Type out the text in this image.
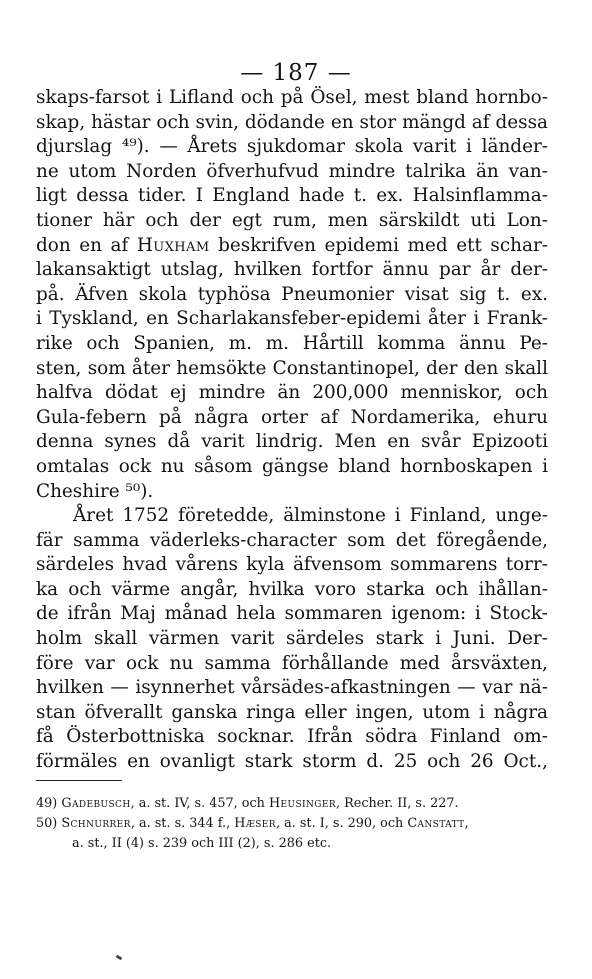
— 187 —
skaps-farsot i Lifland och på Ösel, mest bland hornbo-
skap, hästar och svin, dödande en stor mängd af dessa
djurslag ⁴⁹). — Årets sjukdomar skola varit i länder-
ne utom Norden öfverhufvud mindre talrika än van-
ligt dessa tider. I England hade t. ex. Halsinflamma-
tioner här och der egt rum, men särskildt uti Lon-
don en af Huxham beskrifven epidemi med ett schar-
lakansaktigt utslag, hvilken fortfor ännu par år der-
på. Äfven skola typhösa Pneumonier visat sig t. ex.
i Tyskland, en Scharlakansfeber-epidemi åter i Frank-
rike och Spanien, m. m. Hårtill komma ännu Pe-
sten, som åter hemsökte Constantinopel, der den skall
halfva dödat ej mindre än 200,000 menniskor, och
Gula-febern på några orter af Nordamerika, ehuru
denna synes då varit lindrig. Men en svår Epizooti
omtalas ock nu såsom gängse bland hornboskapen i
Cheshire ⁵⁰).
Året 1752 företedde, älminstone i Finland, unge-
fär samma väderleks-character som det föregående,
särdeles hvad vårens kyla äfvensom sommarens torr-
ka och värme angår, hvilka voro starka och ihållan-
de ifrån Maj månad hela sommaren igenom: i Stock-
holm skall värmen varit särdeles stark i Juni. Der-
före var ock nu samma förhållande med årsväxten,
hvilken — isynnerhet vårsädes-afkastningen — var nä-
stan öfverallt ganska ringa eller ingen, utom i några
få Österbottniska socknar. Ifrån södra Finland om-
förmäles en ovanligt stark storm d. 25 och 26 Oct.,
49) Gadebusch, a. st. IV, s. 457, och Heusinger, Recher. II, s. 227.
50) Schnurrer, a. st. s. 344 f., Hæser, a. st. I, s. 290, och Canstatt,
a. st., II (4) s. 239 och III (2), s. 286 etc.
